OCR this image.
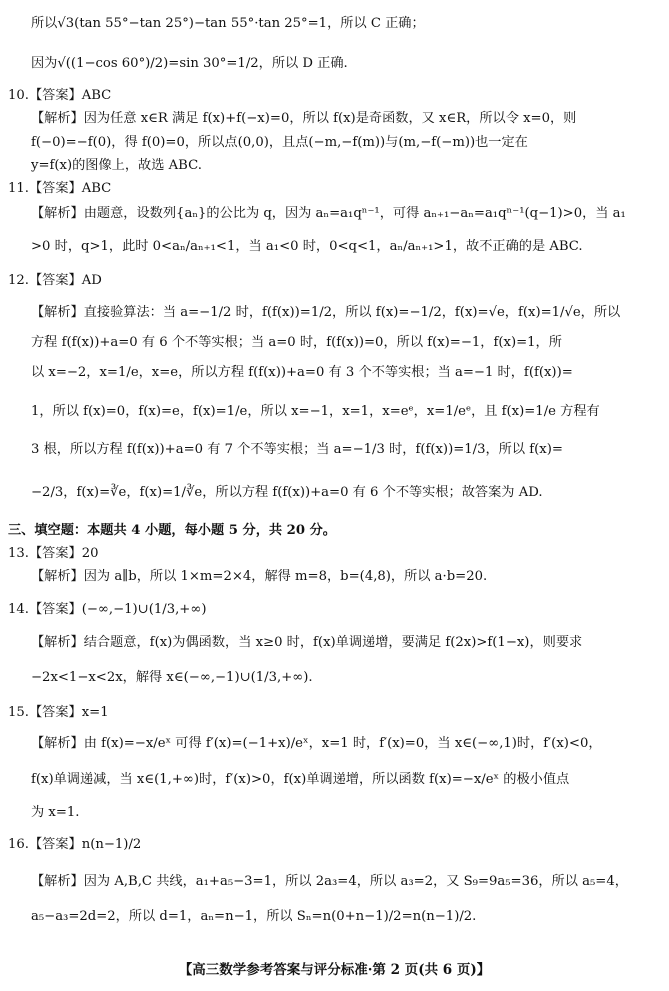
所以√3(tan 55°−tan 25°)−tan 55°·tan 25°=1，所以 C 正确；
因为√((1−cos 60°)/2)=sin 30°=1/2，所以 D 正确.
10.【答案】ABC
【解析】因为任意 x∈R 满足 f(x)+f(−x)=0，所以 f(x)是奇函数，又 x∈R，所以令 x=0，则
f(−0)=−f(0)，得 f(0)=0，所以点(0,0)，且点(−m,−f(m))与(m,−f(−m))也一定在
y=f(x)的图像上，故选 ABC.
11.【答案】ABC
【解析】由题意，设数列{aₙ}的公比为 q，因为 aₙ=a₁qⁿ⁻¹，可得 aₙ₊₁−aₙ=a₁qⁿ⁻¹(q−1)>0，当 a₁
>0 时，q>1，此时 0<aₙ/aₙ₊₁<1，当 a₁<0 时，0<q<1，aₙ/aₙ₊₁>1，故不正确的是 ABC.
12.【答案】AD
【解析】直接验算法：当 a=−1/2 时，f(f(x))=1/2，所以 f(x)=−1/2，f(x)=√e，f(x)=1/√e，所以
方程 f(f(x))+a=0 有 6 个不等实根；当 a=0 时，f(f(x))=0，所以 f(x)=−1，f(x)=1，所
以 x=−2，x=1/e，x=e，所以方程 f(f(x))+a=0 有 3 个不等实根；当 a=−1 时，f(f(x))=
1，所以 f(x)=0，f(x)=e，f(x)=1/e，所以 x=−1，x=1，x=eᵉ，x=1/eᵉ，且 f(x)=1/e 方程有
3 根，所以方程 f(f(x))+a=0 有 7 个不等实根；当 a=−1/3 时，f(f(x))=1/3，所以 f(x)=
−2/3，f(x)=∛e，f(x)=1/∛e，所以方程 f(f(x))+a=0 有 6 个不等实根；故答案为 AD.
三、填空题：本题共 4 小题，每小题 5 分，共 20 分。
13.【答案】20
【解析】因为 a∥b，所以 1×m=2×4，解得 m=8，b=(4,8)，所以 a·b=20.
14.【答案】(−∞,−1)∪(1/3,+∞)
【解析】结合题意，f(x)为偶函数，当 x≥0 时，f(x)单调递增，要满足 f(2x)>f(1−x)，则要求
−2x<1−x<2x，解得 x∈(−∞,−1)∪(1/3,+∞).
15.【答案】x=1
【解析】由 f(x)=−x/eˣ 可得 f′(x)=(−1+x)/eˣ，x=1 时，f′(x)=0，当 x∈(−∞,1)时，f′(x)<0，
f(x)单调递减，当 x∈(1,+∞)时，f′(x)>0，f(x)单调递增，所以函数 f(x)=−x/eˣ 的极小值点
为 x=1.
16.【答案】n(n−1)/2
【解析】因为 A,B,C 共线，a₁+a₅−3=1，所以 2a₃=4，所以 a₃=2，又 S₉=9a₅=36，所以 a₅=4，
a₅−a₃=2d=2，所以 d=1，aₙ=n−1，所以 Sₙ=n(0+n−1)/2=n(n−1)/2.
【高三数学参考答案与评分标准·第 2 页(共 6 页)】
